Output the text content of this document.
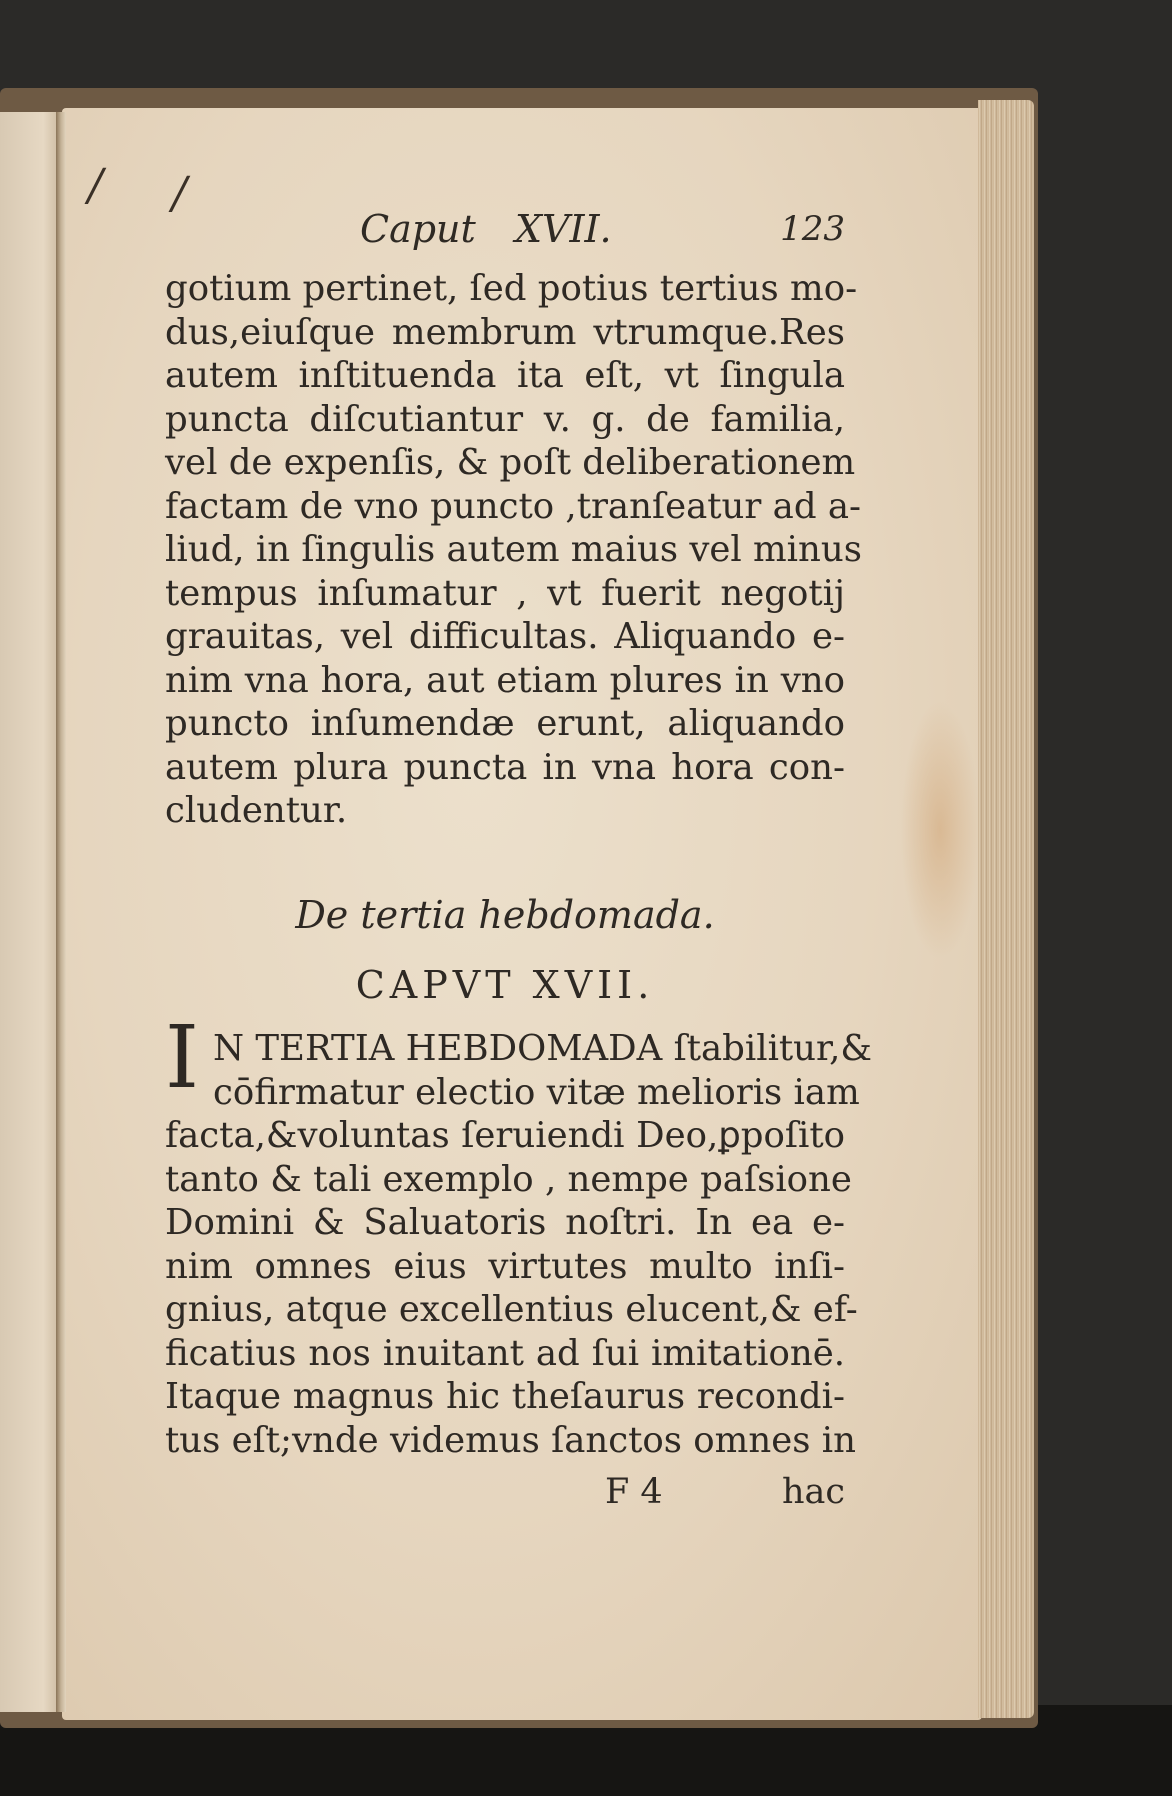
/ /
Caput XVII.	123
gotium pertinet, ſed potius tertius mo-
dus,eiuſque membrum vtrumque.Res
autem inſtituenda ita eſt, vt ſingula
puncta diſcutiantur v. g. de familia,
vel de expenſis, & poſt deliberationem
factam de vno puncto ,tranſeatur ad a-
liud, in ſingulis autem maius vel minus
tempus inſumatur , vt fuerit negotij
grauitas, vel difficultas. Aliquando e-
nim vna hora, aut etiam plures in vno
puncto inſumendæ erunt, aliquando
autem plura puncta in vna hora con-
cludentur.
De tertia hebdomada.
CAPVT XVII.
I N TERTIA HEBDOMADA ſtabilitur,&
cōfirmatur electio vitæ melioris iam
facta,&voluntas ſeruiendi Deo,ꝑpoſito
tanto & tali exemplo , nempe paſsione
Domini & Saluatoris noſtri. In ea e-
nim omnes eius virtutes multo inſi-
gnius, atque excellentius elucent,& ef-
ficatius nos inuitant ad ſui imitationē.
Itaque magnus hic theſaurus recondi-
tus eſt;vnde videmus ſanctos omnes in
F 4	hac
